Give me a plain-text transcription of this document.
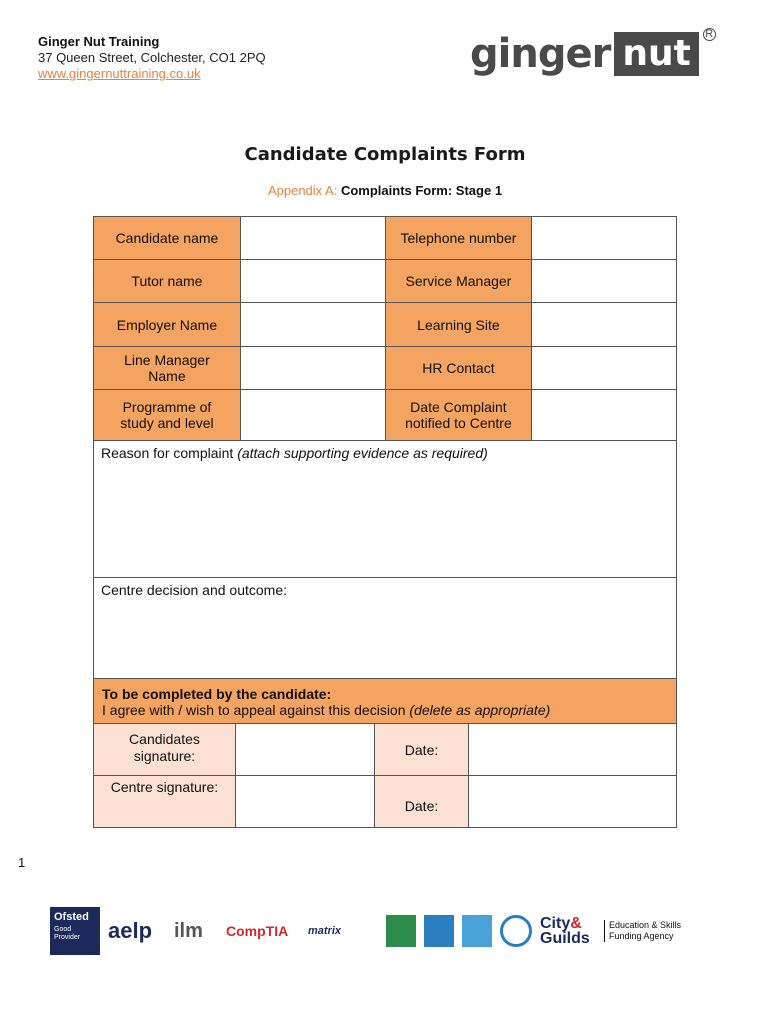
Ginger Nut Training
37 Queen Street, Colchester, CO1 2PQ
www.gingernuttraining.co.uk	ginger nut	R
Candidate Complaints Form
Appendix A: Complaints Form: Stage 1
Candidate name		Telephone number	
Tutor name		Service Manager	
Employer Name		Learning Site	
Line Manager Name		HR Contact	
Programme of study and level		Date Complaint notified to Centre	
Reason for complaint (attach supporting evidence as required)			
Centre decision and outcome:			
To be completed by the candidate:
I agree with / wish to appeal against this decision (delete as appropriate)			
Candidates signature:		Date:	
Centre signature:		Date:	
1
Ofsted
Good Provider	aelp	ilm	CompTIA	matrix	City&
Guilds
Education & Skills Funding Agency
